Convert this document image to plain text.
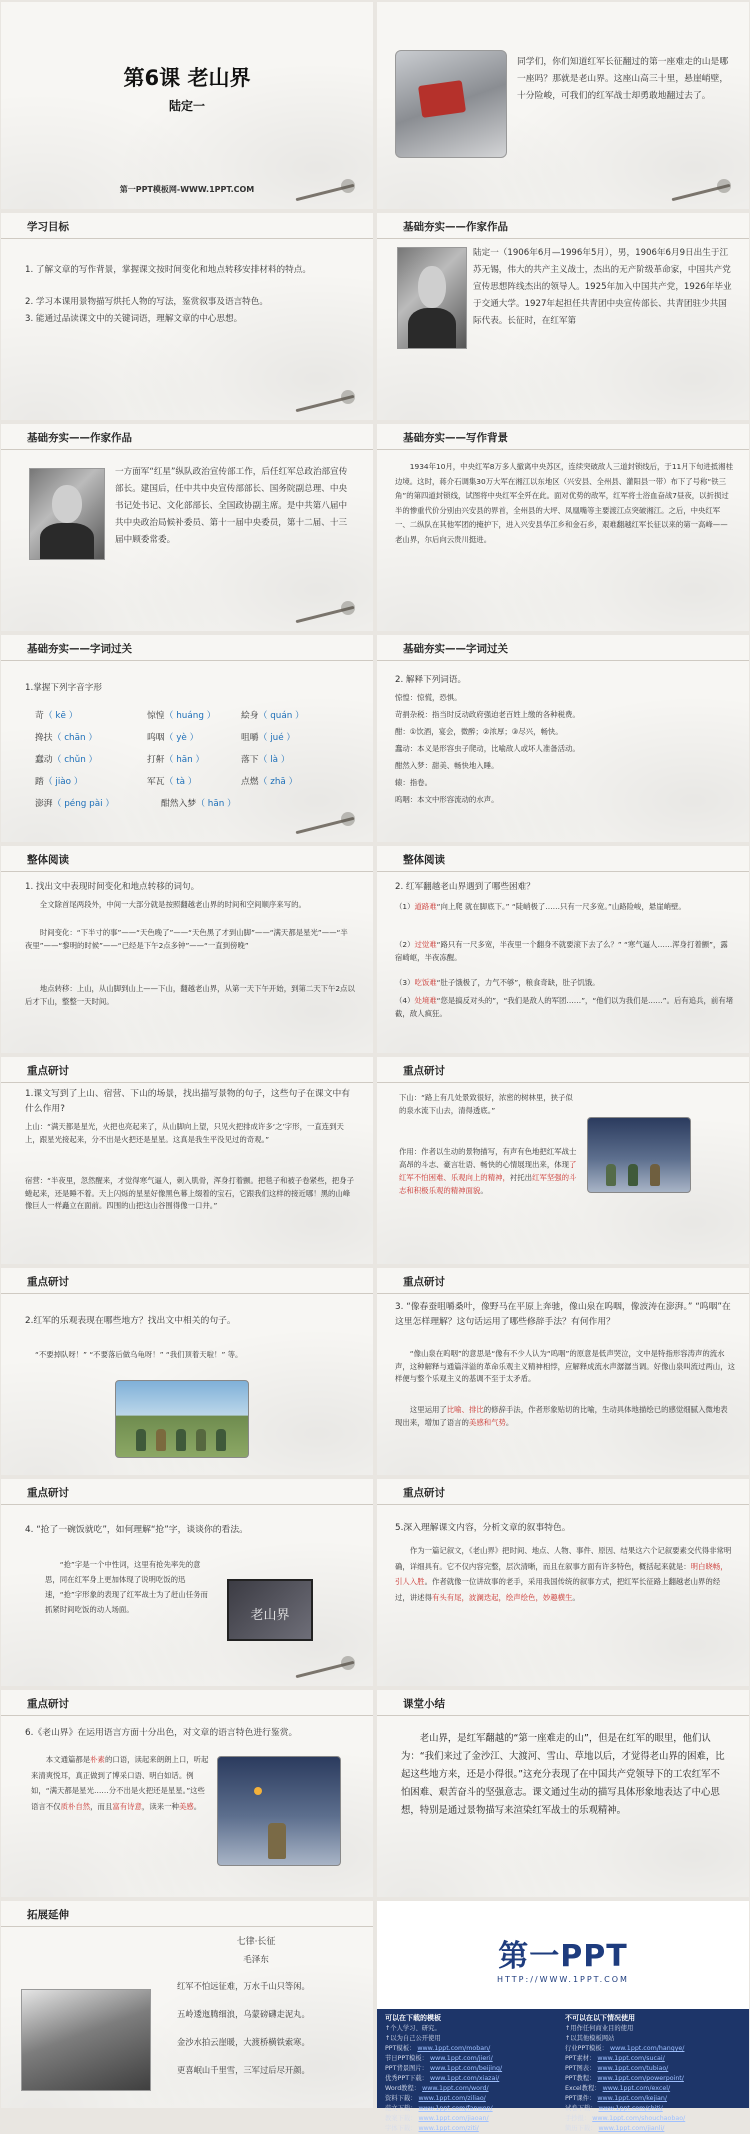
第6课 老山界
陆定一
第一PPT模板网-WWW.1PPT.COM
同学们，你们知道红军长征翻过的第一座难走的山是哪一座吗？那就是老山界。这座山高三十里，悬崖峭壁，十分险峻，可我们的红军战士却勇敢地翻过去了。
学习目标
1. 了解文章的写作背景，掌握课文按时间变化和地点转移安排材料的特点。
2. 学习本课用景物描写烘托人物的写法，鉴赏叙事及语言特色。
3. 能通过品读课文中的关键词语，理解文章的中心思想。
基础夯实——作家作品
陆定一（1906年6月—1996年5月），男，1906年6月9日出生于江苏无锡，伟大的共产主义战士，杰出的无产阶级革命家，中国共产党宣传思想阵线杰出的领导人。1925年加入中国共产党，1926年毕业于交通大学。1927年起担任共青团中央宣传部长、共青团驻少共国际代表。长征时，在红军第
基础夯实——作家作品
一方面军“红星”纵队政治宣传部工作，后任红军总政治部宣传部长。建国后，任中共中央宣传部部长、国务院副总理、中央书记处书记、文化部部长、全国政协副主席。是中共第八届中共中央政治局候补委员、第十一届中央委员，第十二届、十三届中顾委常委。
基础夯实——写作背景
1934年10月，中央红军8万多人撤离中央苏区，连续突破敌人三道封锁线后，于11月下旬进抵湘桂边境。这时，蒋介石调集30万大军在湘江以东地区（兴安县、全州县、灌阳县一带）布下了号称“铁三角”的第四道封锁线，试图将中央红军全歼在此。面对优势的敌军，红军将士浴血奋战7昼夜，以折损过半的惨重代价分别由兴安县的界首，全州县的大坪、凤凰嘴等主要渡江点突破湘江。之后，中央红军一、二纵队在其他军团的掩护下，进入兴安县华江乡和金石乡，艰难翻越红军长征以来的第一高峰——老山界，尔后向云贵川挺进。
基础夯实——字词过关
1.掌握下列字音字形
苛（ kē ）	惊惶（ huáng ）	絵身（ quán ）
搀扶（ chān ）	呜咽（ yè ）	咀嚼（ jué ）
蠢动（ chǔn ）	打鼾（ hān ）	落下（ là ）
踏（ jiào ）	军瓦（ tà ）	点燃（ zhā ）
澎湃（ péng pài ）	酣然入梦（ hān ）
基础夯实——字词过关
2. 解释下列词语。
惊惶：惊慌，恐惧。
苛捐杂税：指当时反动政府强迫老百姓上缴的各种税费。
酣：①饮酒，宴会，微醉；②浓厚；③尽兴，畅快。
蠢动：本义是形容虫子爬动，比喻敌人或坏人准备活动。
酣然入梦：甜美、畅快地入睡。
辕：指卷。
呜咽：本文中形容流动的水声。
整体阅读
1. 找出文中表现时间变化和地点转移的词句。
全文除首尾两段外，中间一大部分就是按照翻越老山界的时间和空间顺序来写的。
时间变化：“下半寸的事”——“天色晚了”——“天色黑了才到山脚”——“满天都是星光”——“半夜里”——“黎明的时候”——“已经是下午2点多钟”——“一直到傍晚”
地点转移：上山，从山脚到山上——下山，翻越老山界，从第一天下午开始，到第二天下午2点以后才下山，整整一天时间。
整体阅读
2. 红军翻越老山界遇到了哪些困难？
（1）道路难“向上爬 就在脚底下。” “陡峭极了……只有一尺多宽。”山路险峻，悬崖峭壁。
（2）过觉难“路只有一尺多宽，半夜里一个翻身不就要滚下去了么？” “寒气逼人……浑身打着颤”，露宿崎岖，半夜冻醒。
（3）吃饭难“肚子饿极了，力气不够”，粮食奇缺，肚子饥饿。
（4）处境难“您是搞反对头的”，“我们是敌人的军团……”，“他们以为我们是……”。后有追兵，前有堵截，敌人疯狂。
重点研讨
1.课文写到了上山、宿营、下山的场景，找出描写景物的句子，这些句子在课文中有什么作用?
上山：“满天都是星光，火把也亮起来了，从山脚向上望，只见火把排成许多‘之’字形，一直连到天上，跟星光接起来，分不出是火把还是星星。这真是我生平没见过的奇观。”
宿营：“半夜里，忽然醒来，才觉得寒气逼人，刺入肌骨，浑身打着颤。把毯子和被子卷紧些，把身子蜷起来，还是睡不着。天上闪烁的星星好像黑色幕上缀着的宝石，它跟我们这样的接近哪！黑的山峰像巨人一样矗立在面前。四围的山把这山谷围得像一口井。”
重点研讨
下山：“路上有几处景致很好，浓密的树林里，狭子似的泉水流下山去，清得透底。”
作用：作者以生动的景物描写，有声有色地把红军战士高昂的斗志、豪言壮语、畅快的心情展现出来，体现了红军不怕困难、乐观向上的精神，衬托出红军坚强的斗志和积极乐观的精神面貌。
重点研讨
2.红军的乐观表现在哪些地方？找出文中相关的句子。
“不要掉队呀！” “不要落后做乌龟呀！” “我们顶着天啦！” 等。
重点研讨
3. “像春蚕咀嚼桑叶，像野马在平原上奔驰，像山泉在呜咽，像波涛在澎湃。” “呜咽”在这里怎样理解？这句话运用了哪些修辞手法？有何作用？
“像山泉在呜咽”的意思是“像有不少人认为“呜咽”的原意是低声哭泣，文中是特指形容涛声的流水声，这种解释与通篇洋溢的革命乐观主义精神相悖，应解释成流水声潺潺当调。好像山泉叫流过两山，这样便与整个乐观主义的基调不至于太矛盾。
这里运用了比喻、排比的修辞手法，作者形象贴切的比喻，生动具体地描绘已的感觉细腻入微地表现出来，增加了语言的美感和气势。
重点研讨
4. “抢了一碗饭就吃”，如何理解“抢”字，谈谈你的看法。
“抢”字是一个中性词，这里有抢先率先的意思，同在红军身上更加体现了说明吃饭的迅速，“抢”字形象的表现了红军战士为了赶山任务而抓紧时间吃饭的动人场面。	老山界
重点研讨
5.深入理解课文内容，分析文章的叙事特色。
作为一篇记叙文，《老山界》把时间、地点、人物、事件、原因、结果这六个记叙要素交代得非常明确，详细具有。它不仅内容完整，层次清晰，而且在叙事方面有许多特色，概括起来就是：明白晓畅，引人入胜。作者就像一位讲故事的老手，采用我国传统的叙事方式，把红军长征路上翻越老山界的经过，讲述得有头有尾，波澜迭起，绘声绘色，妙趣横生。
重点研讨
6.《老山界》在运用语言方面十分出色，对文章的语言特色进行鉴赏。
本文通篇都是朴素的口语，读起来朗朗上口，听起来清爽悦耳，真正做到了博采口语、明白如话。例如，“满天都是星光……分不出是火把还是星星。”这些语言不仅质朴自然，而且富有诗意，读来一种美感。
课堂小结
老山界，是红军翻越的“第一座难走的山”，但是在红军的眼里，他们认为：“我们来过了金沙江、大渡河、雪山、草地以后，才觉得老山界的困难，比起这些地方来，还是小得很。”这充分表现了在中国共产党领导下的工农红军不怕困难、艰苦奋斗的坚强意志。课文通过生动的描写具体形象地表达了中心思想，特别是通过景物描写来渲染红军战士的乐观精神。
拓展延伸
七律·长征
毛泽东
红军不怕远征难，万水千山只等闲。
五岭逶迤腾细浪，乌蒙磅礴走泥丸。
金沙水拍云崖暖，大渡桥横铁索寒。
更喜岷山千里雪，三军过后尽开颜。
第一PPT
HTTP://WWW.1PPT.COM
可以在下载的模板
↑个人学习、研究。
↑以为自己公开使用
PPT模板： www.1ppt.com/moban/
节日PPT模板： www.1ppt.com/jieri/
PPT背景图片： www.1ppt.com/beijing/
优秀PPT下载： www.1ppt.com/xiazai/
Word教程： www.1ppt.com/word/
资料下载： www.1ppt.com/ziliao/
范文下载： www.1ppt.com/fanwen/
教案下载： www.1ppt.com/jiaoan/
字体下载： www.1ppt.com/ziti/
不可以在以下情况使用
↑用作任何商业目的使用
↑以其他模板网站
行业PPT模板： www.1ppt.com/hangye/
PPT素材： www.1ppt.com/sucai/
PPT图表： www.1ppt.com/tubiao/
PPT教程： www.1ppt.com/powerpoint/
Excel教程： www.1ppt.com/excel/
PPT课件： www.1ppt.com/kejian/
试卷下载： www.1ppt.com/shiti/
手抄报： www.1ppt.com/shouchaobao/
简历下载： www.1ppt.com/jianli/
